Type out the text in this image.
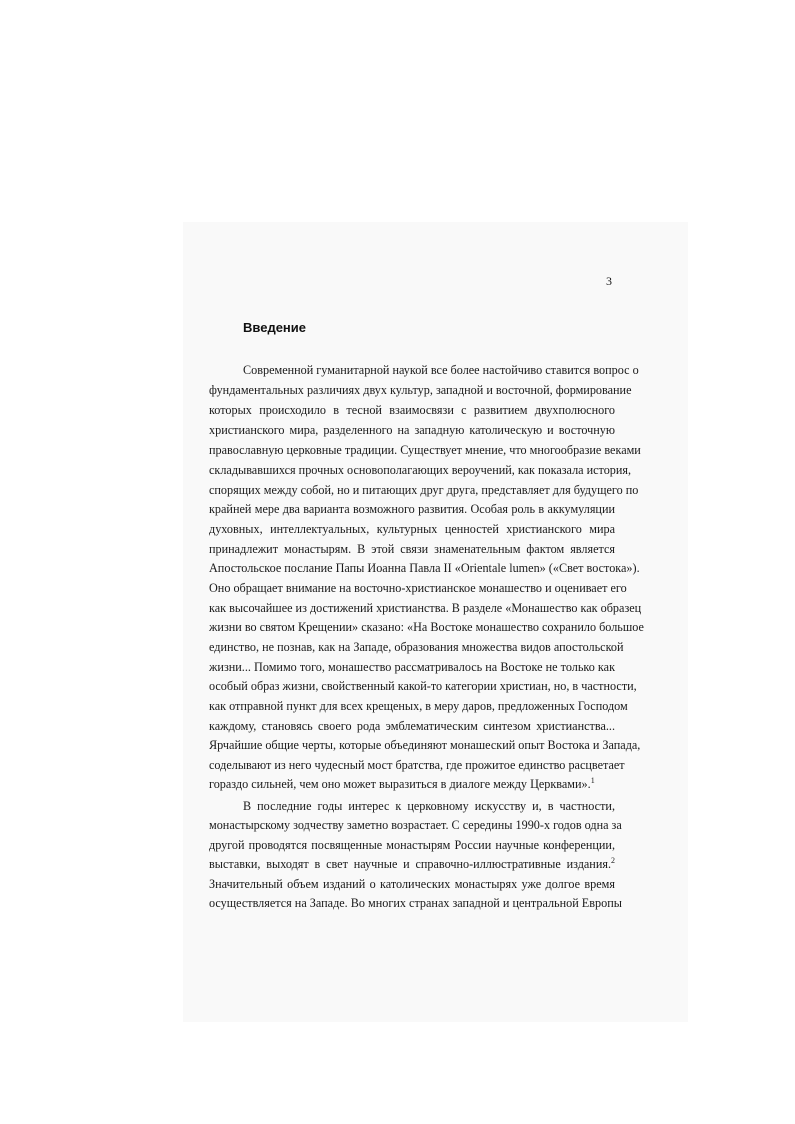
3
Введение
Современной гуманитарной наукой все более настойчиво ставится вопрос о
фундаментальных различиях двух культур, западной и восточной, формирование
которых происходило в тесной взаимосвязи с развитием двухполюсного
христианского мира, разделенного на западную католическую и восточную
православную церковные традиции. Существует мнение, что многообразие веками
складывавшихся прочных основополагающих вероучений, как показала история,
спорящих между собой, но и питающих друг друга, представляет для будущего по
крайней мере два варианта возможного развития. Особая роль в аккумуляции
духовных, интеллектуальных, культурных ценностей христианского мира
принадлежит монастырям. В этой связи знаменательным фактом является
Апостольское послание Папы Иоанна Павла II «Orientale lumen» («Свет востока»).
Оно обращает внимание на восточно-христианское монашество и оценивает его
как высочайшее из достижений христианства. В разделе «Монашество как образец
жизни во святом Крещении» сказано: «На Востоке монашество сохранило большое
единство, не познав, как на Западе, образования множества видов апостольской
жизни... Помимо того, монашество рассматривалось на Востоке не только как
особый образ жизни, свойственный какой-то категории христиан, но, в частности,
как отправной пункт для всех крещеных, в меру даров, предложенных Господом
каждому, становясь своего рода эмблематическим синтезом христианства...
Ярчайшие общие черты, которые объединяют монашеский опыт Востока и Запада,
соделывают из него чудесный мост братства, где прожитое единство расцветает
гораздо сильней, чем оно может выразиться в диалоге между Церквами».$^1$
В последние годы интерес к церковному искусству и, в частности,
монастырскому зодчеству заметно возрастает. С середины 1990-х годов одна за
другой проводятся посвященные монастырям России научные конференции,
выставки, выходят в свет научные и справочно-иллюстративные издания.$^2$
Значительный объем изданий о католических монастырях уже долгое время
осуществляется на Западе. Во многих странах западной и центральной Европы
